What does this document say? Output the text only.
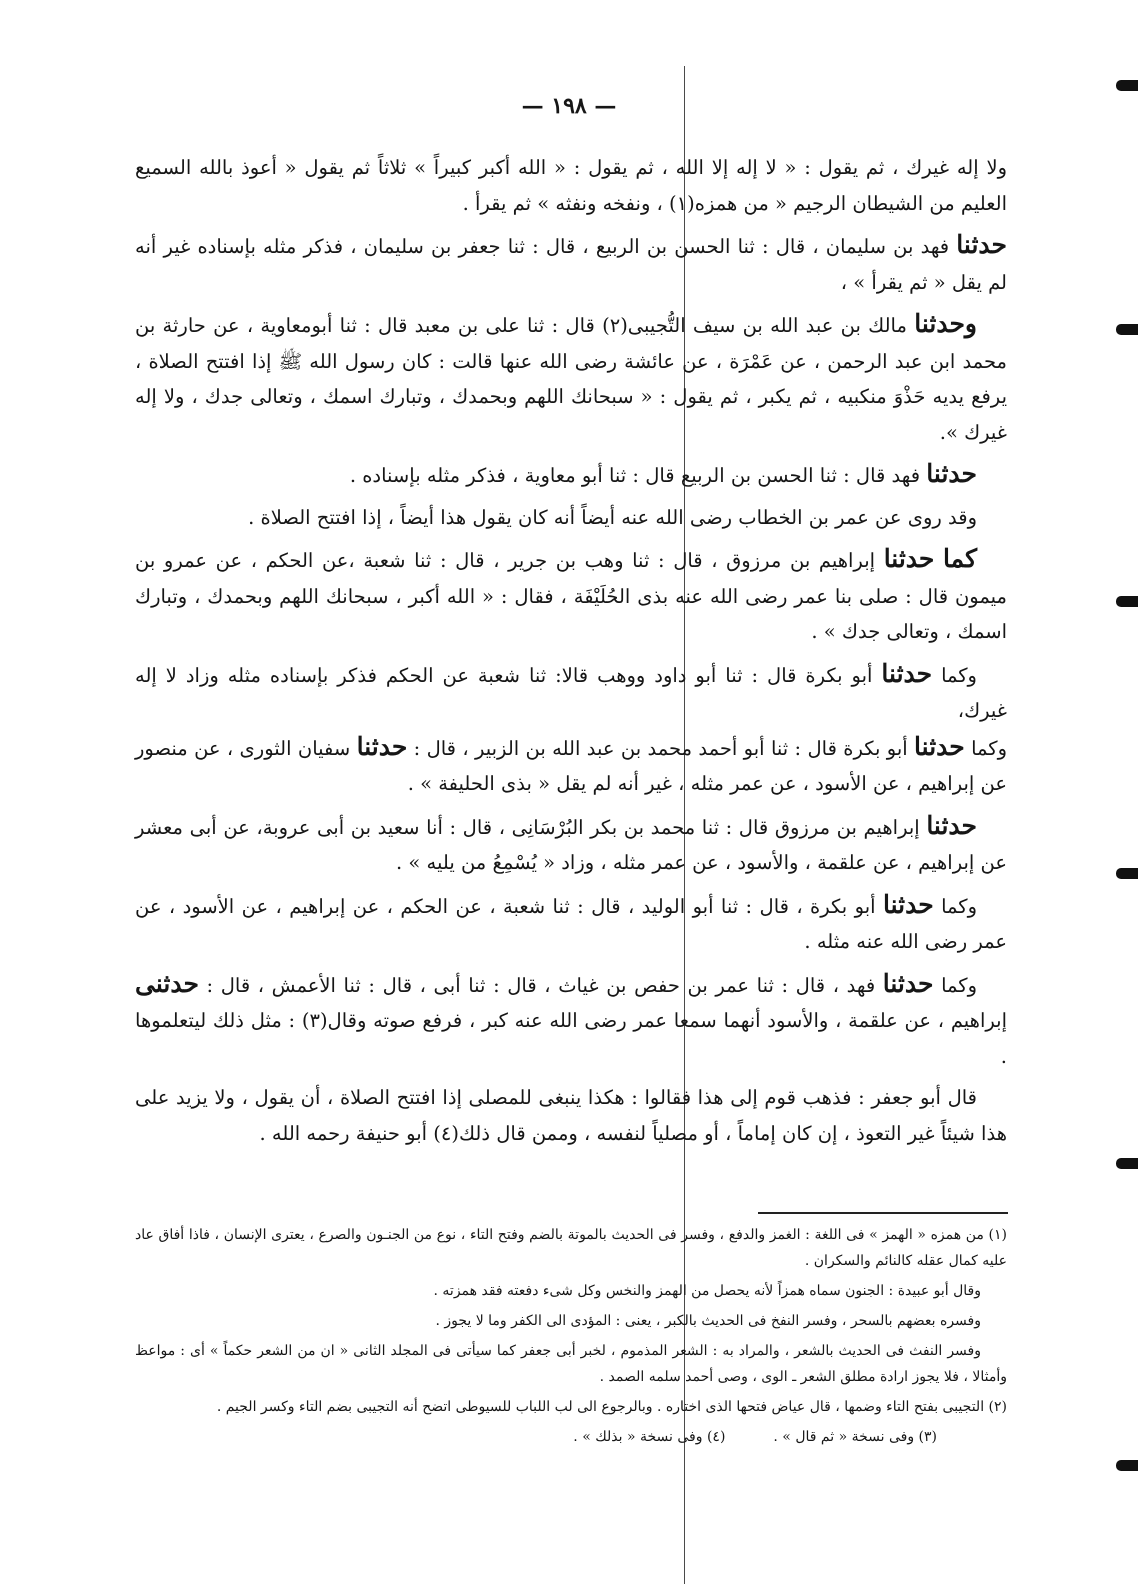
— ١٩٨ —

ولا إله غيرك ، ثم يقول : « لا إله إلا الله ، ثم يقول : « الله أكبر كبيراً » ثلاثاً ثم يقول « أعوذ بالله السميع العليم من الشيطان الرجيم « من همزه(١) ، ونفخه ونفثه » ثم يقرأ .

حدثنا فهد بن سليمان ، قال : ثنا الحسن بن الربيع ، قال : ثنا جعفر بن سليمان ، فذكر مثله بإسناده غير أنه لم يقل « ثم يقرأ » ،

وحدثنا مالك بن عبد الله بن سيف التُّجيبى(٢) قال : ثنا على بن معبد قال : ثنا أبومعاوية ، عن حارثة بن محمد ابن عبد الرحمن ، عن عَمْرَة ، عن عائشة رضى الله عنها قالت : كان رسول الله ﷺ إذا افتتح الصلاة ، يرفع يديه حَذْوَ منكبيه ، ثم يكبر ، ثم يقول : « سبحانك اللهم وبحمدك ، وتبارك اسمك ، وتعالى جدك ، ولا إله غيرك ».

حدثنا فهد قال : ثنا الحسن بن الربيع قال : ثنا أبو معاوية ، فذكر مثله بإسناده .

وقد روى عن عمر بن الخطاب رضى الله عنه أيضاً أنه كان يقول هذا أيضاً ، إذا افتتح الصلاة .

كما حدثنا إبراهيم بن مرزوق ، قال : ثنا وهب بن جرير ، قال : ثنا شعبة ،عن الحكم ، عن عمرو بن ميمون قال : صلى بنا عمر رضى الله عنه بذى الحُلَيْفَة ، فقال : « الله أكبر ، سبحانك اللهم وبحمدك ، وتبارك اسمك ، وتعالى جدك » .

وكما حدثنا أبو بكرة قال : ثنا أبو داود ووهب قالا: ثنا شعبة عن الحكم فذكر بإسناده مثله وزاد لا إله غيرك،

وكما حدثنا أبو بكرة قال : ثنا أبو أحمد محمد بن عبد الله بن الزبير ، قال : حدثنا سفيان الثورى ، عن منصور عن إبراهيم ، عن الأسود ، عن عمر مثله ، غير أنه لم يقل « بذى الحليفة » .

حدثنا إبراهيم بن مرزوق قال : ثنا محمد بن بكر البُرْسَانِى ، قال : أنا سعيد بن أبى عروبة، عن أبى معشر عن إبراهيم ، عن علقمة ، والأسود ، عن عمر مثله ، وزاد « يُسْمِعُ من يليه » .

وكما حدثنا أبو بكرة ، قال : ثنا أبو الوليد ، قال : ثنا شعبة ، عن الحكم ، عن إبراهيم ، عن الأسود ، عن عمر رضى الله عنه مثله .

وكما حدثنا فهد ، قال : ثنا عمر بن حفص بن غياث ، قال : ثنا أبى ، قال : ثنا الأعمش ، قال : حدثنى إبراهيم ، عن علقمة ، والأسود أنهما سمعا عمر رضى الله عنه كبر ، فرفع صوته وقال(٣) : مثل ذلك ليتعلموها .

قال أبو جعفر : فذهب قوم إلى هذا فقالوا : هكذا ينبغى للمصلى إذا افتتح الصلاة ، أن يقول ، ولا يزيد على هذا شيئاً غير التعوذ ، إن كان إماماً ، أو مصلياً لنفسه ، وممن قال ذلك(٤) أبو حنيفة رحمه الله .

(١) من همزه « الهمز » فى اللغة : الغمز والدفع ، وفسر فى الحديث بالموتة بالضم وفتح التاء ، نوع من الجنـون والصرع ، يعترى الإنسان ، فاذا أفاق عاد عليه كمال عقله كالنائم والسكران .

وقال أبو عبيدة : الجنون سماه همزاً لأنه يحصل من الهمز والنخس وكل شىء دفعته فقد همزته .

وفسره بعضهم بالسحر ، وفسر النفخ فى الحديث بالكبر ، يعنى : المؤدى الى الكفر وما لا يجوز .

وفسر النفث فى الحديث بالشعر ، والمراد به : الشعر المذموم ، لخبر أبى جعفر كما سيأتى فى المجلد الثانى « ان من الشعر حكماً » أى : مواعظ وأمثالا ، فلا يجوز ارادة مطلق الشعر ـ الوى ، وصى أحمد سلمه الصمد .

(٢) التجيبى بفتح التاء وضمها ، قال عياض فتحها الذى اختاره . وبالرجوع الى لب اللباب للسيوطى اتضح أنه التجيبى بضم التاء وكسر الجيم .

(٣) وفى نسخة « ثم قال » .
(٤) وفى نسخة « بذلك » .
